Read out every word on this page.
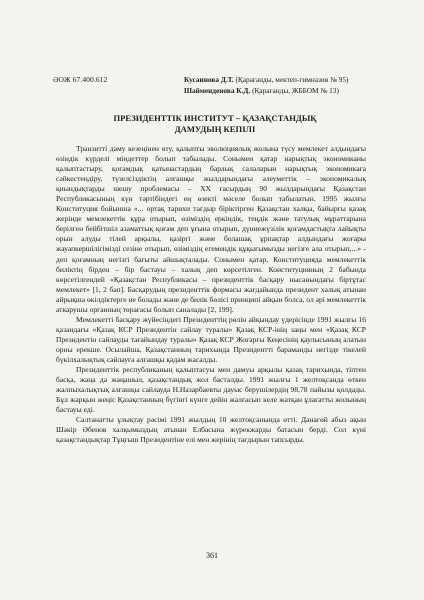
ӘОЖ 67.400.612	Кусаинова Д.Т. (Қарағанды, мектеп-гимназия № 95)
Шайменденова К.Д. (Қарағанды, ЖББОМ № 13)
ПРЕЗИДЕНТТІК ИНСТИТУТ – ҚАЗАҚСТАНДЫҚ
ДАМУДЫҢ КЕПІЛІ

Транзитті даму кезеңінен өту, қалыпты эволюциялық жолына түсу мемлекет алдындағы өзіндік күрделі міндеттер болып табылады. Сонымен қатар нарықтық экономиканы қалыптастыру, қоғамдық қатынастардың барлық салаларын нарықтық экономикаға сәйкестендіру, түзелсіздіктің алғашқы жылдарындағы әлеуметтік – экономикалық қиындықтарды шешу проблемасы – ХХ ғасырдың 90 жылдарындағы Қазақстан Республикасының күн тәртібіндегі ең өзекті мәселе болып табылатын. 1995 жылғы Конституция бойынша «... ортақ тарихи тағдыр біріктірген Қазақстан халқы, байырғы қазақ жерінде мемлекеттік құра отырып, өзіміздің еркіндік, теңдік және татулық мұраттарына берілген бейбітшіл азаматтық қоғам деп ұғына отырып, дүниежүзілік қоғамдастықта лайықты орын алуды тілей арқылы, қазіргі және болашақ ұрпақтар алдындағы жоғары жауапкершілігімізді сезіне отырып, өзіміздің егемендік құқығымызды негізге ала отырып,...» - деп қоғамның негізгі бағыты айшықталады. Сонымен қатар, Конституцияда мемлекеттік биліктің бірден – бір бастауы – халық деп көрсетілген. Конституцияның 2 бабында көрсетілгендей «Қазақстан Республикасы – президенттік басқару нысанындағы біртұтас мемлекет» [1, 2 бап]. Басқарудың президенттік формасы жағдайында президент халық атынан айрықша өкілдіктерге ие болады және де билік бөлісі принципі айқын болса, ол әрі мемлекеттік аткарушы органның төрағасы болып саналады [2, 199].

Мемлекетті басқару жүйесіндегі Президенттің рөлін айқындау үдерісінде 1991 жылғы 16 қазандағы «Қазақ КСР Президентін сайлау туралы» Қазақ КСР-інің заңы мен «Қазақ КСР Президентін сайлауды тағайындау туралы» Қазақ КСР Жоғарғы Кеңесінің қаулысының алатын орны ерекше. Осылайша, Қазақстанның тарихында Президентті бараманды негізде тікелей бүкілхалықтық сайлауға алғашқы қадам жасалды.

Президенттік республиканың қалыптасуы мен дамуы арқылы қазақ тарихында, тіптен басқа, жаңа да жаңашыл, қазақстандық жол басталды. 1991 жылғы 1 желтоқсанда өткен жалпыхалықтық алғашқы сайлауда Н.Назарбаевты дауыс берушілердің 98,78 пайызы қолдады. Бұл жарқын жеңіс Қазақстанның бүгінгі күнге дейін жалғасып келе жатқан ұлағатты жолының бастауы еді.

Салтанатты ұлықтау рәсімі 1991 жылдың 10 желтоқсанында өтті. Данагөй абыз ақын Шәкір Әбенов халқымыздың атынан Елбасына жүрекжарды батасын берді. Сол күні қазақстандықтар Тұңғыш Президентіне елі мен жерінің тағдырын тапсырды.

361
